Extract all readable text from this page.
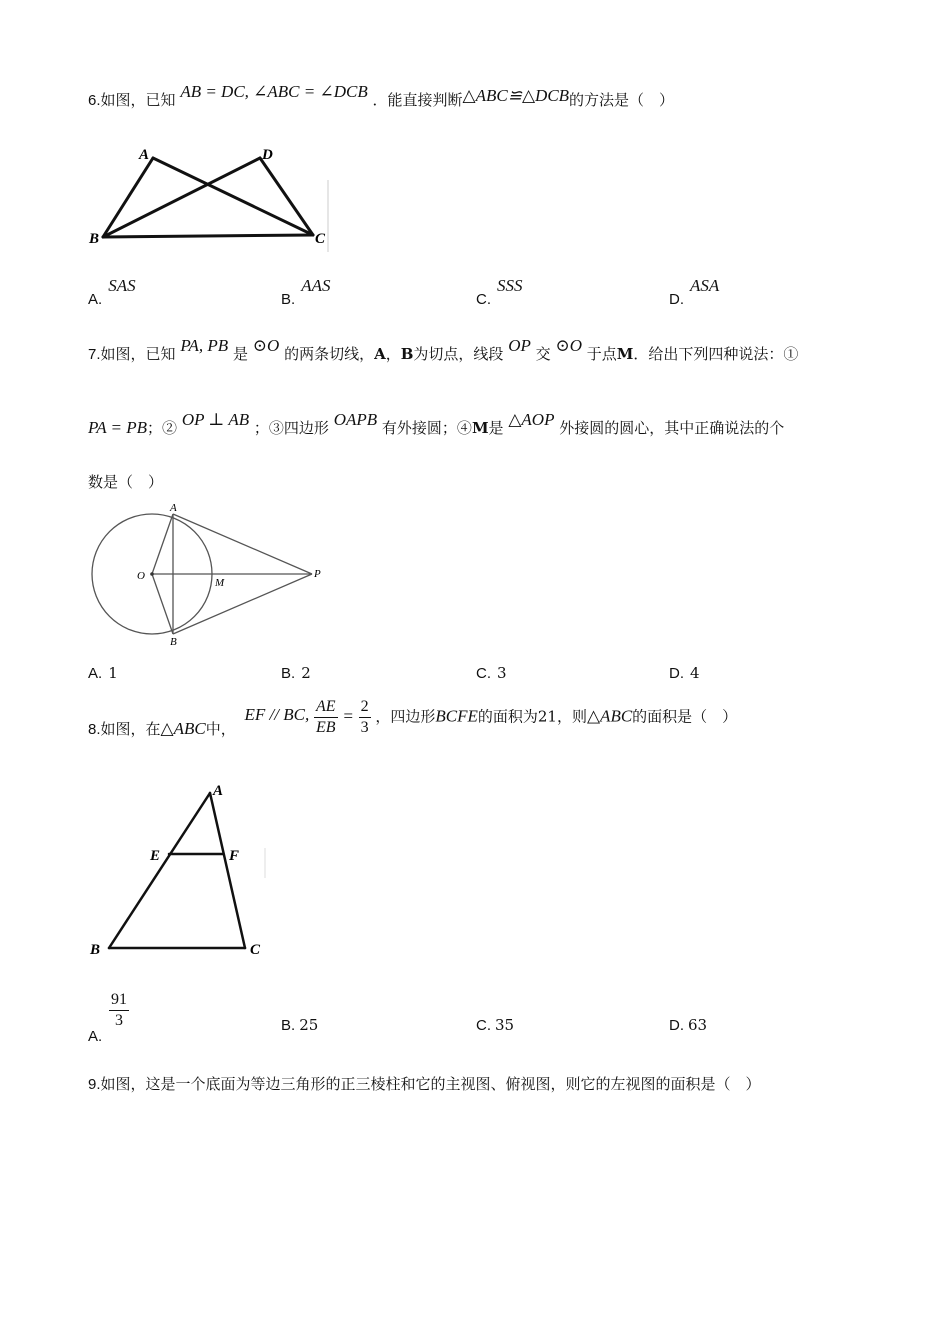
6.如图，已知 AB = DC, ∠ABC = ∠DCB ．能直接判断△ABC≌△DCB的方法是（　）
A	D
B	C
A.SAS
B.AAS
C.SSS
D.ASA
7.如图，已知 PA, PB 是 ⊙O 的两条切线，A，B为切点，线段 OP 交 ⊙O 于点M．给出下列四种说法：①
PA = PB；② OP ⊥ AB ；③四边形 OAPB 有外接圆；④M是 △AOP 外接圆的圆心，其中正确说法的个
数是（　）
A
B
O
M
P
A. 1	B. 2	C. 3	D. 4
8.如图，在△ABC中， EF // BC, $\frac{AE}{EB} = \frac{2}{3}$ ，四边形BCFE的面积为21，则△ABC的面积是（　）
A
E	F
B	C
A.
$\frac{91}{3}$	B. 25	C. 35	D. 63
9.如图，这是一个底面为等边三角形的正三棱柱和它的主视图、俯视图，则它的左视图的面积是（　）
